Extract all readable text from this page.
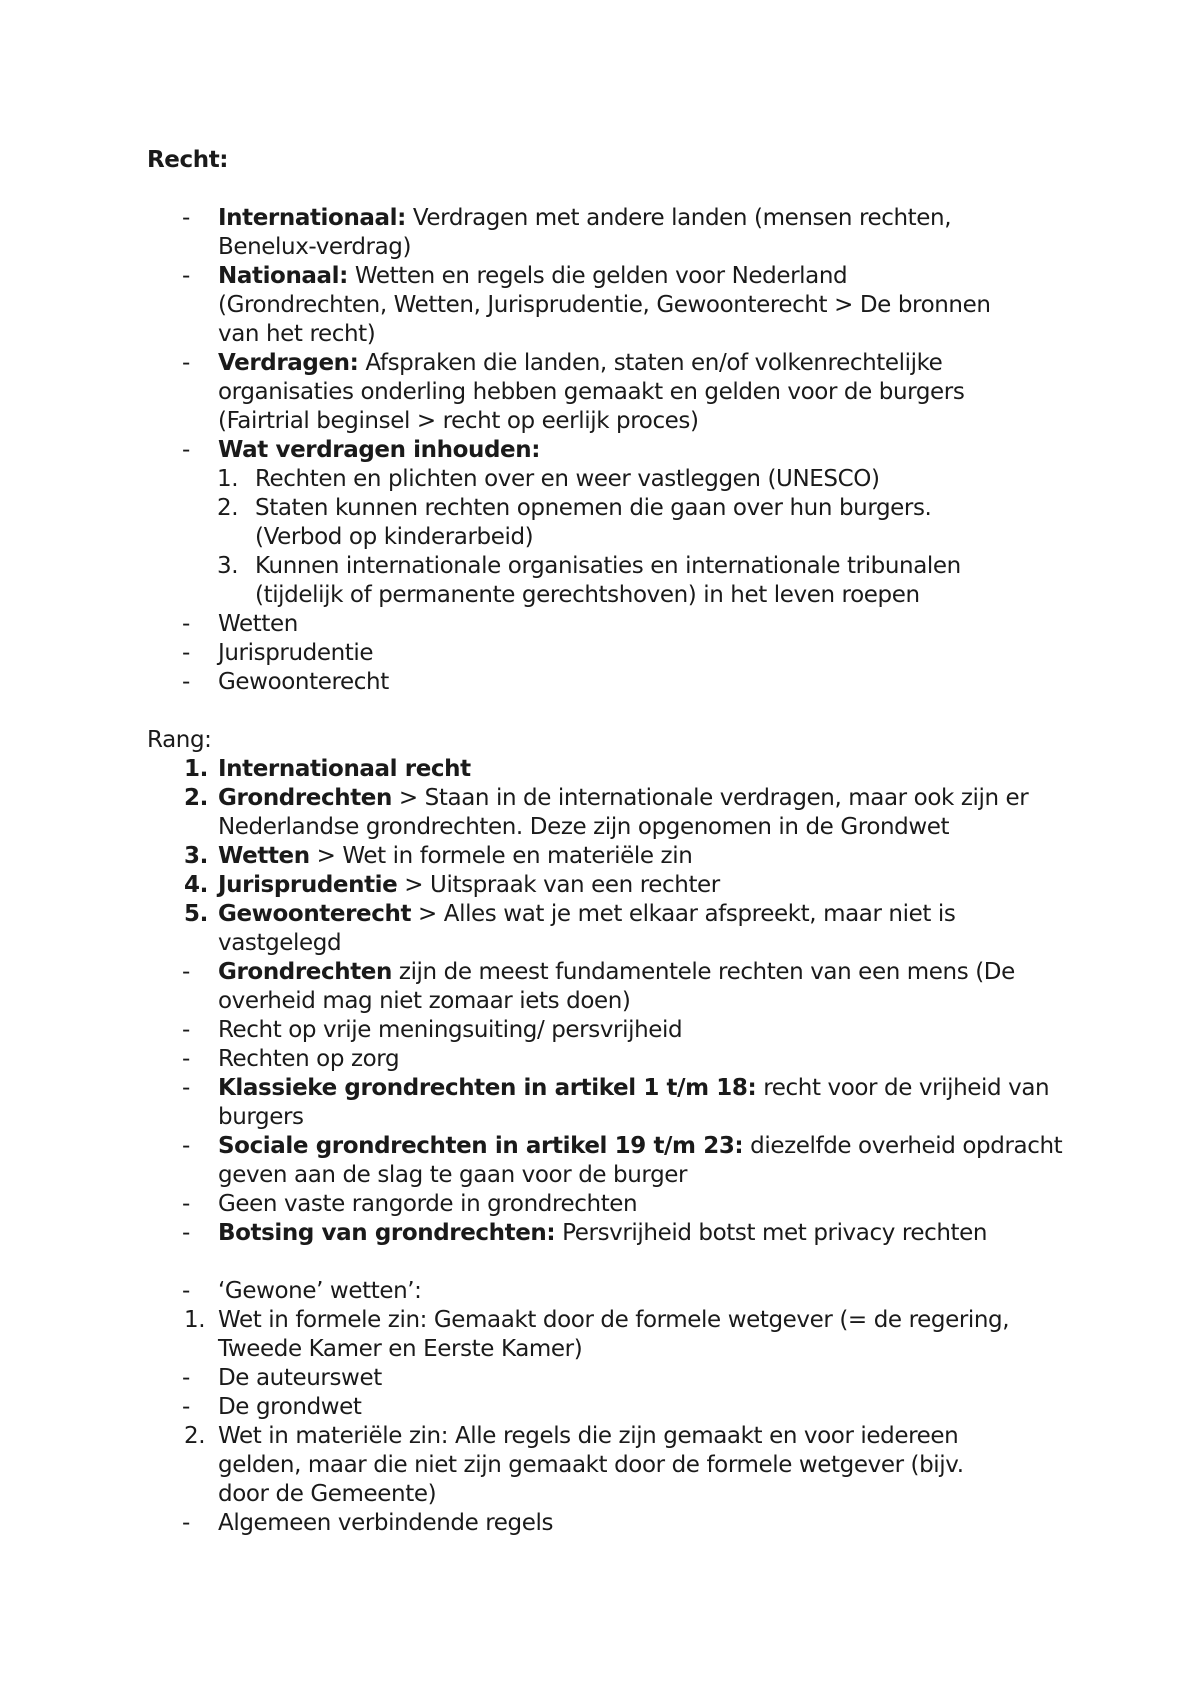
Recht:
- Internationaal: Verdragen met andere landen (mensen rechten,
Benelux-verdrag)
- Nationaal: Wetten en regels die gelden voor Nederland
(Grondrechten, Wetten, Jurisprudentie, Gewoonterecht > De bronnen
van het recht)
- Verdragen: Afspraken die landen, staten en/of volkenrechtelijke
organisaties onderling hebben gemaakt en gelden voor de burgers
(Fairtrial beginsel > recht op eerlijk proces)
- Wat verdragen inhouden:
1. Rechten en plichten over en weer vastleggen (UNESCO)
2. Staten kunnen rechten opnemen die gaan over hun burgers.
(Verbod op kinderarbeid)
3. Kunnen internationale organisaties en internationale tribunalen
(tijdelijk of permanente gerechtshoven) in het leven roepen
- Wetten
- Jurisprudentie
- Gewoonterecht
Rang:
1. Internationaal recht
2. Grondrechten > Staan in de internationale verdragen, maar ook zijn er
Nederlandse grondrechten. Deze zijn opgenomen in de Grondwet
3. Wetten > Wet in formele en materiële zin
4. Jurisprudentie > Uitspraak van een rechter
5. Gewoonterecht > Alles wat je met elkaar afspreekt, maar niet is
vastgelegd
- Grondrechten zijn de meest fundamentele rechten van een mens (De
overheid mag niet zomaar iets doen)
- Recht op vrije meningsuiting/ persvrijheid
- Rechten op zorg
- Klassieke grondrechten in artikel 1 t/m 18: recht voor de vrijheid van
burgers
- Sociale grondrechten in artikel 19 t/m 23: diezelfde overheid opdracht
geven aan de slag te gaan voor de burger
- Geen vaste rangorde in grondrechten
- Botsing van grondrechten: Persvrijheid botst met privacy rechten
- ‘Gewone’ wetten’:
1. Wet in formele zin: Gemaakt door de formele wetgever (= de regering,
Tweede Kamer en Eerste Kamer)
- De auteurswet
- De grondwet
2. Wet in materiële zin: Alle regels die zijn gemaakt en voor iedereen
gelden, maar die niet zijn gemaakt door de formele wetgever (bijv.
door de Gemeente)
- Algemeen verbindende regels
